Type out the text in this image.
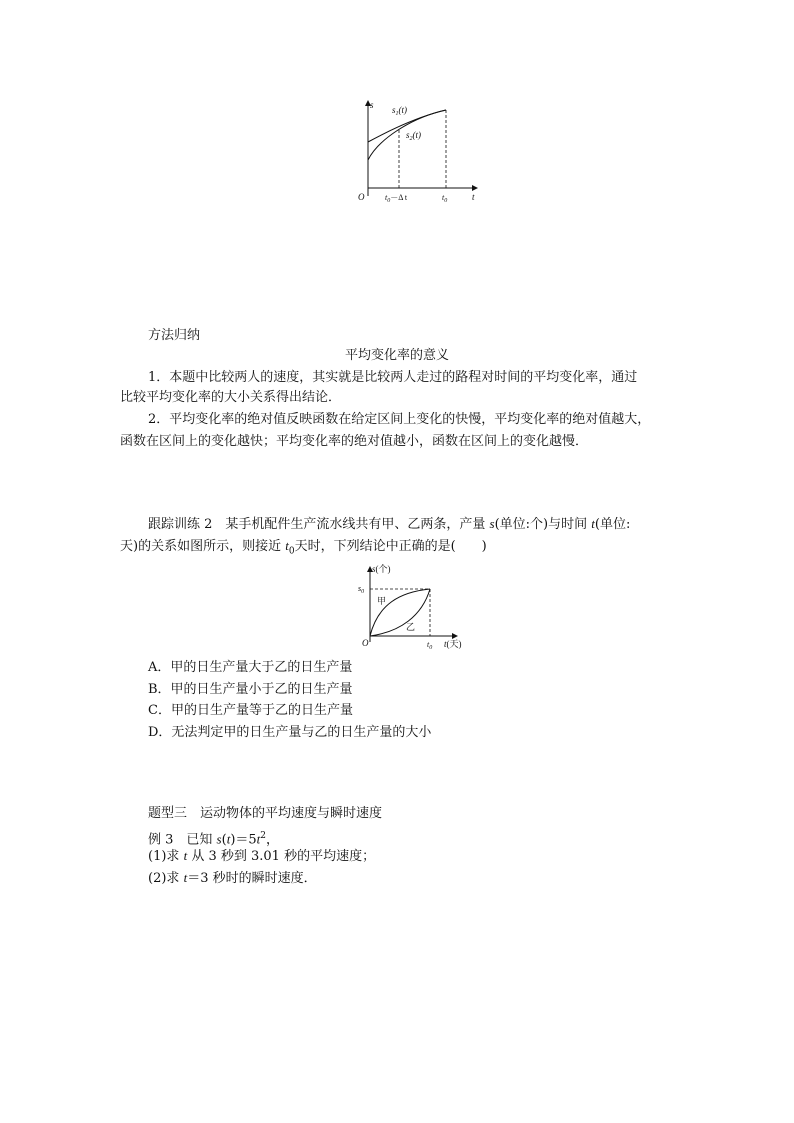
s
t
O
$s_1(t)$
$s_2(t)$
$t_0-\Delta$ t	$t_0$
方法归纳
平均变化率的意义
1．本题中比较两人的速度，其实就是比较两人走过的路程对时间的平均变化率，通过
比较平均变化率的大小关系得出结论．
2．平均变化率的绝对值反映函数在给定区间上变化的快慢，平均变化率的绝对值越大，
函数在区间上的变化越快；平均变化率的绝对值越小，函数在区间上的变化越慢．
跟踪训练 2　某手机配件生产流水线共有甲、乙两条，产量 s(单位:个)与时间 t(单位:
天)的关系如图所示，则接近 $t_0$天时，下列结论中正确的是(　　)
s(个)
$s_0$
O
甲
乙
$t_0$ t(天)
A．甲的日生产量大于乙的日生产量
B．甲的日生产量小于乙的日生产量
C．甲的日生产量等于乙的日生产量
D．无法判定甲的日生产量与乙的日生产量的大小
题型三　运动物体的平均速度与瞬时速度
例 3　已知 $s(t)=5t^2$，
(1)求 t 从 3 秒到 3.01 秒的平均速度；
(2)求 t＝3 秒时的瞬时速度．
